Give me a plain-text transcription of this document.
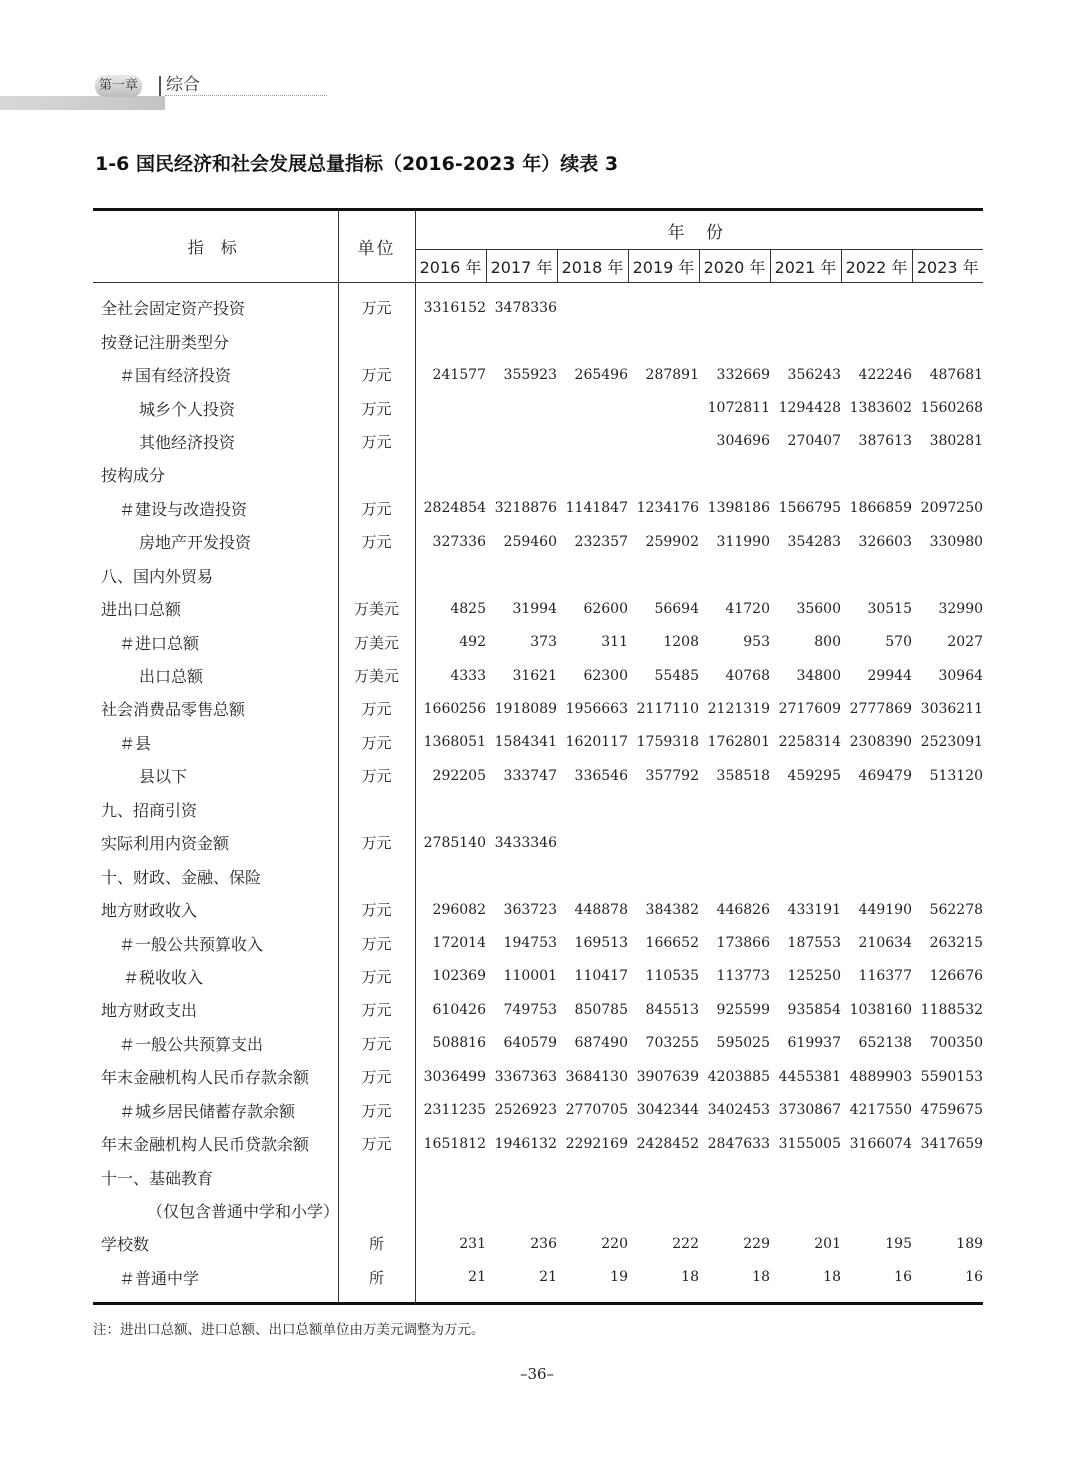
第一章 综合
1-6 国民经济和社会发展总量指标（2016-2023 年）续表 3
指 标	单位	年 份							
		2016 年	2017 年	2018 年	2019 年	2020 年	2021 年	2022 年	2023 年
全社会固定资产投资	万元	3316152	3478336						
按登记注册类型分									
＃国有经济投资	万元	241577	355923	265496	287891	332669	356243	422246	487681
城乡个人投资	万元					1072811	1294428	1383602	1560268
其他经济投资	万元					304696	270407	387613	380281
按构成分									
＃建设与改造投资	万元	2824854	3218876	1141847	1234176	1398186	1566795	1866859	2097250
房地产开发投资	万元	327336	259460	232357	259902	311990	354283	326603	330980
八、国内外贸易									
进出口总额	万美元	4825	31994	62600	56694	41720	35600	30515	32990
＃进口总额	万美元	492	373	311	1208	953	800	570	2027
出口总额	万美元	4333	31621	62300	55485	40768	34800	29944	30964
社会消费品零售总额	万元	1660256	1918089	1956663	2117110	2121319	2717609	2777869	3036211
＃县	万元	1368051	1584341	1620117	1759318	1762801	2258314	2308390	2523091
县以下	万元	292205	333747	336546	357792	358518	459295	469479	513120
九、招商引资									
实际利用内资金额	万元	2785140	3433346						
十、财政、金融、保险									
地方财政收入	万元	296082	363723	448878	384382	446826	433191	449190	562278
＃一般公共预算收入	万元	172014	194753	169513	166652	173866	187553	210634	263215
＃税收收入	万元	102369	110001	110417	110535	113773	125250	116377	126676
地方财政支出	万元	610426	749753	850785	845513	925599	935854	1038160	1188532
＃一般公共预算支出	万元	508816	640579	687490	703255	595025	619937	652138	700350
年末金融机构人民币存款余额	万元	3036499	3367363	3684130	3907639	4203885	4455381	4889903	5590153
＃城乡居民储蓄存款余额	万元	2311235	2526923	2770705	3042344	3402453	3730867	4217550	4759675
年末金融机构人民币贷款余额	万元	1651812	1946132	2292169	2428452	2847633	3155005	3166074	3417659
十一、基础教育									
（仅包含普通中学和小学）									
学校数	所	231	236	220	222	229	201	195	189
＃普通中学	所	21	21	19	18	18	18	16	16
注：进出口总额、进口总额、出口总额单位由万美元调整为万元。
–36–
